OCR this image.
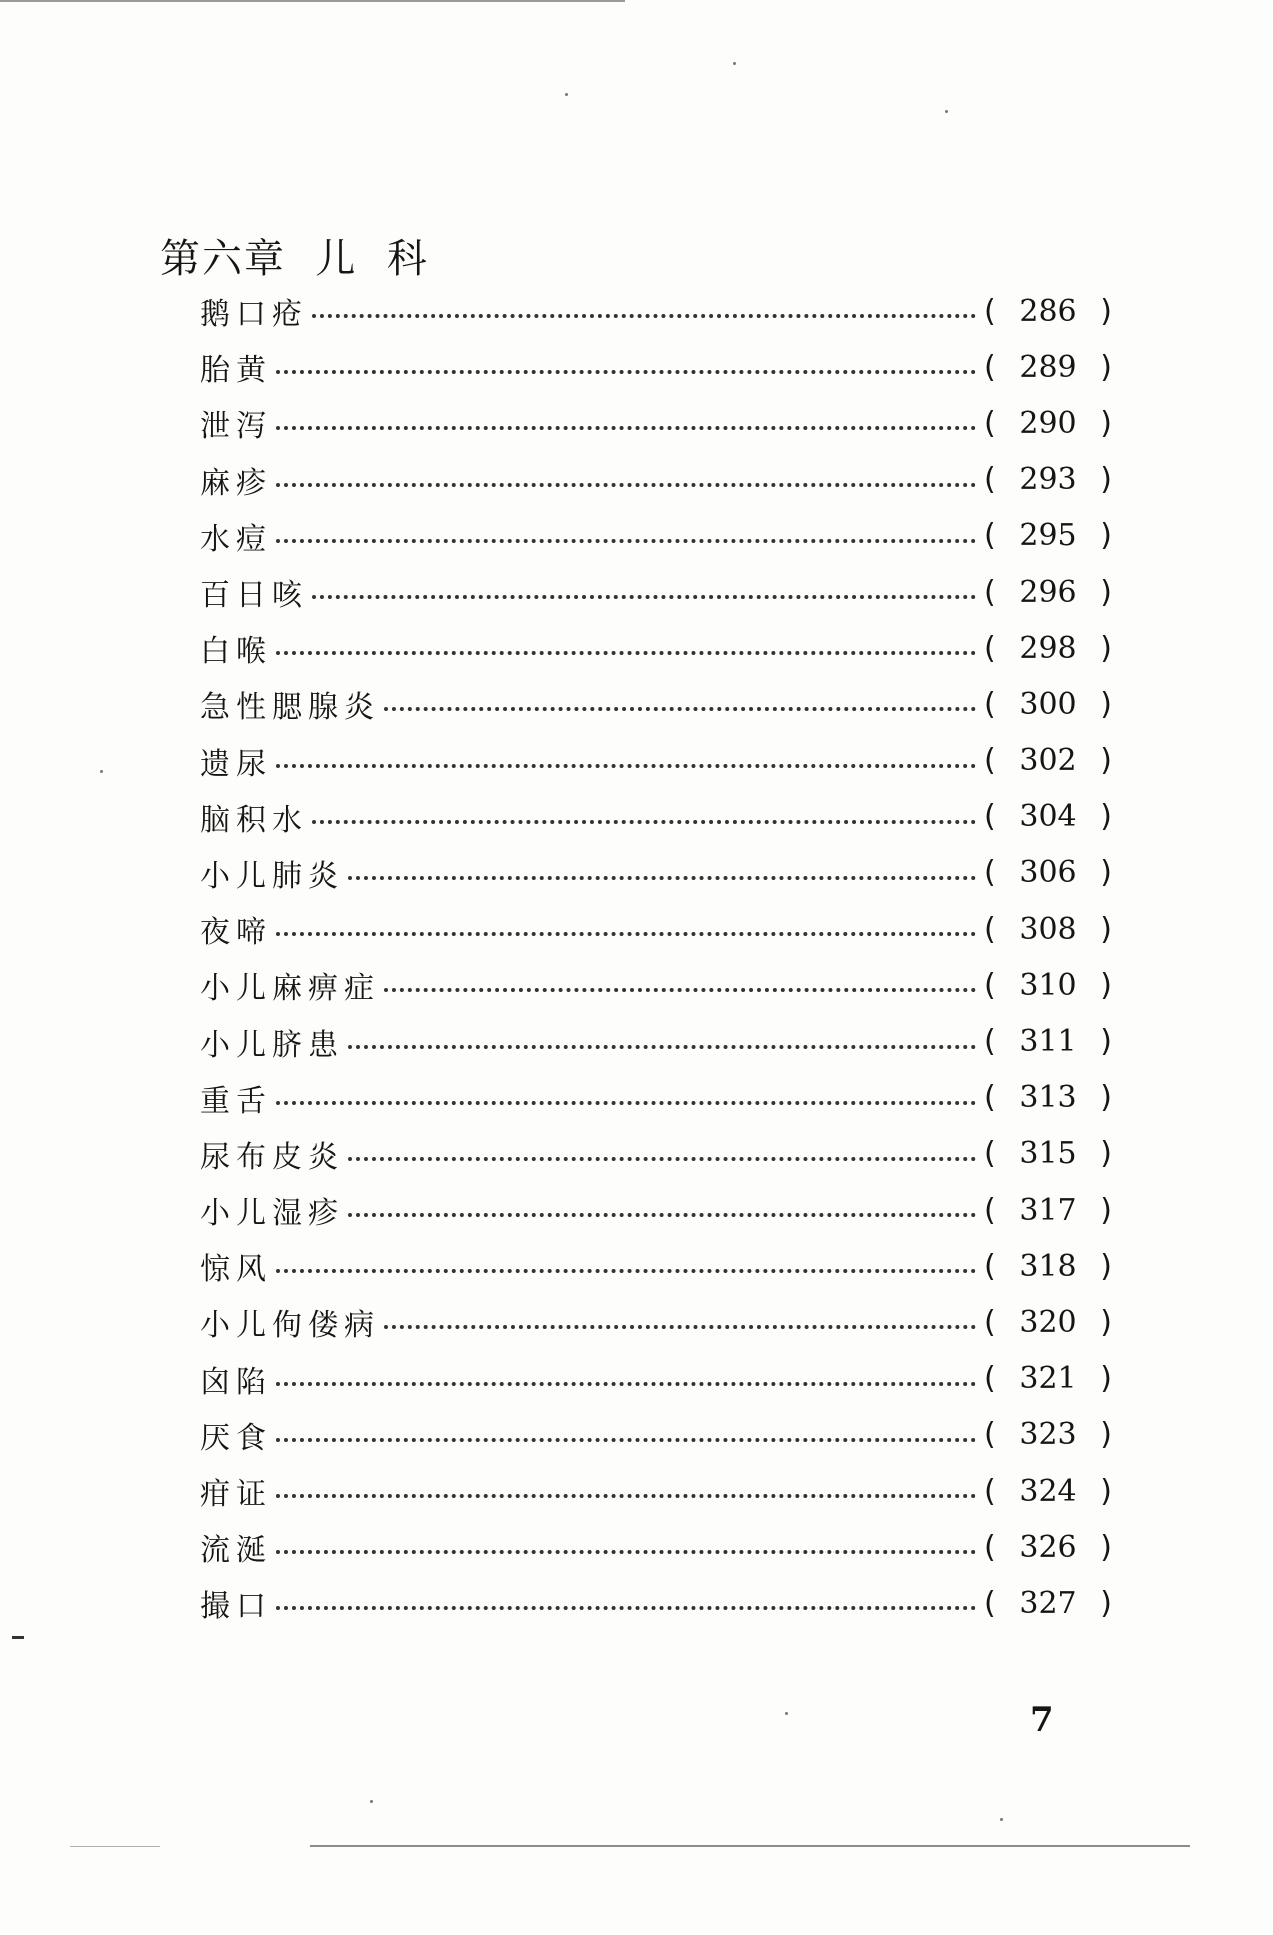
第六章  儿  科
鹅口疮	( 286 )
胎黄	( 289 )
泄泻	( 290 )
麻疹	( 293 )
水痘	( 295 )
百日咳	( 296 )
白喉	( 298 )
急性腮腺炎	( 300 )
遗尿	( 302 )
脑积水	( 304 )
小儿肺炎	( 306 )
夜啼	( 308 )
小儿麻痹症	( 310 )
小儿脐患	( 311 )
重舌	( 313 )
尿布皮炎	( 315 )
小儿湿疹	( 317 )
惊风	( 318 )
小儿佝偻病	( 320 )
囟陷	( 321 )
厌食	( 323 )
疳证	( 324 )
流涎	( 326 )
撮口	( 327 )
7
